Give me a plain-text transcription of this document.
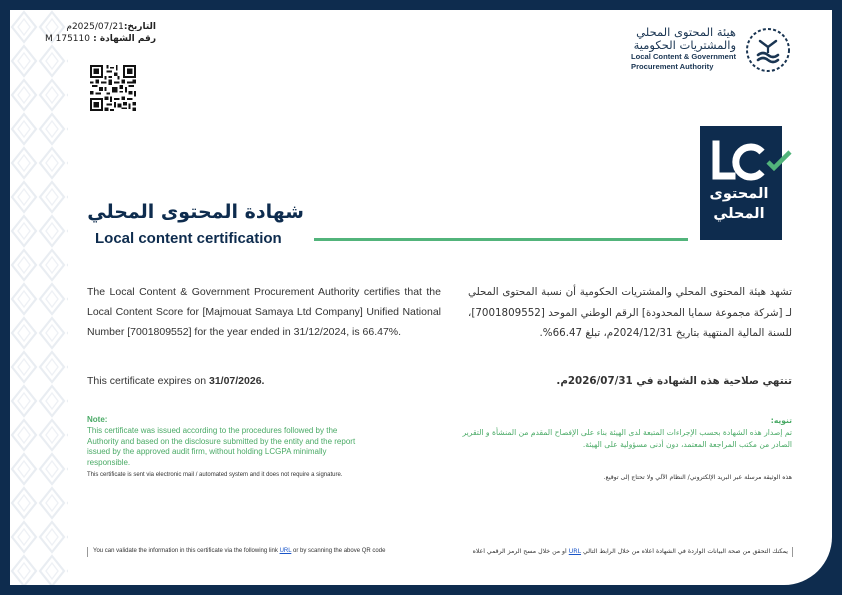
التاريخ:2025/07/21م
رقم الشهادة : M 175110	هيئة المحتوى المحلي
والمشتريات الحكومية
Local Content & Government
Procurement Authority
المحتوى
المحلي
شهادة المحتوى المحلي
Local content certification
The Local Content & Government Procurement Authority certifies that the Local Content Score for [Majmouat Samaya Ltd Company] Unified National Number [7001809552] for the year ended in 31/12/2024, is 66.47%.
تشهد هيئة المحتوى المحلي والمشتريات الحكومية أن نسبة المحتوى المحلي لـ [شركة مجموعة سمايا المحدودة] الرقم الوطني الموحد [7001809552]، للسنة المالية المنتهية بتاريخ 2024/12/31م، تبلغ 66.47%.
This certificate expires on 31/07/2026.	تنتهي صلاحية هذه الشهادة في 2026/07/31م.
Note:
This certificate was issued according to the procedures followed by the Authority and based on the disclosure submitted by the entity and the report issued by the approved audit firm, without holding LCGPA minimally responsible.
تنويه:
تم إصدار هذه الشهادة بحسب الإجراءات المتبعة لدى الهيئة بناء على الإفصاح المقدم من المنشأة و التقرير الصادر من مكتب المراجعة المعتمد، دون أدنى مسؤولية على الهيئة.
This certificate is sent via electronic mail / automated system and it does not require a signature.	هذه الوثيقة مرسلة عبر البريد الإلكتروني/ النظام الآلي ولا تحتاج إلى توقيع.
You can validate the information in this certificate via the following link URL or by scanning the above QR code	يمكنك التحقق من صحة البيانات الواردة في الشهادة أعلاه من خلال الرابط التالي URL أو من خلال مسح الرمز الرقمي أعلاه
